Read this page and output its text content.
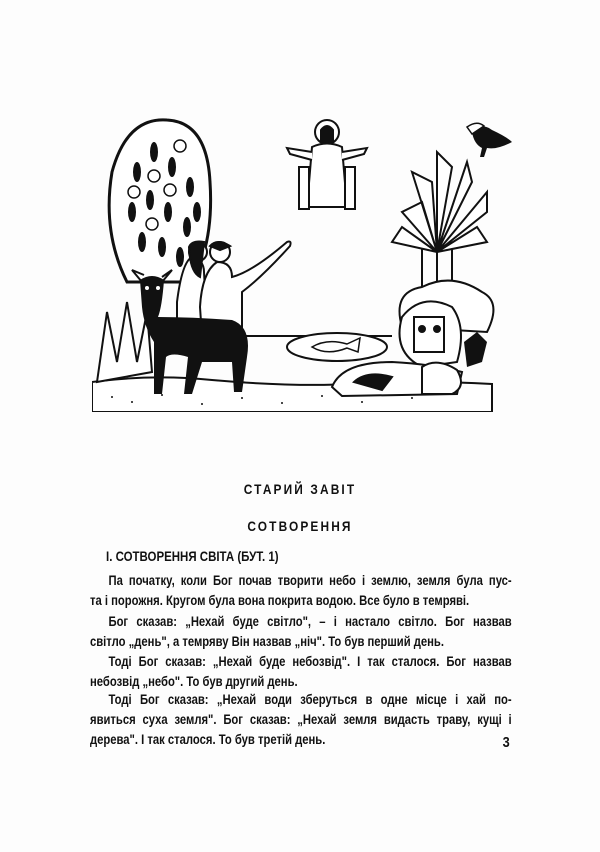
СТАРИЙ ЗАВІТ
СОТВОРЕННЯ
І. СОТВОРЕННЯ СВІТА (БУТ. 1)
Па початку, коли Бог почав творити небо і землю, земля була пус-
та і порожня. Кругом була вона покрита водою. Все було в темряві.
Бог сказав: „Нехай буде світло", – і настало світло. Бог назвав
світло „день", а темряву Він назвав „ніч". То був перший день.
Тоді Бог сказав: „Нехай буде небозвід". І так сталося. Бог назвав
небозвід „небо". То був другий день.
Тоді Бог сказав: „Нехай води зберуться в одне місце і хай по-
явиться суха земля". Бог сказав: „Нехай земля видасть траву, кущі і
дерева". І так сталося. То був третій день.	3
